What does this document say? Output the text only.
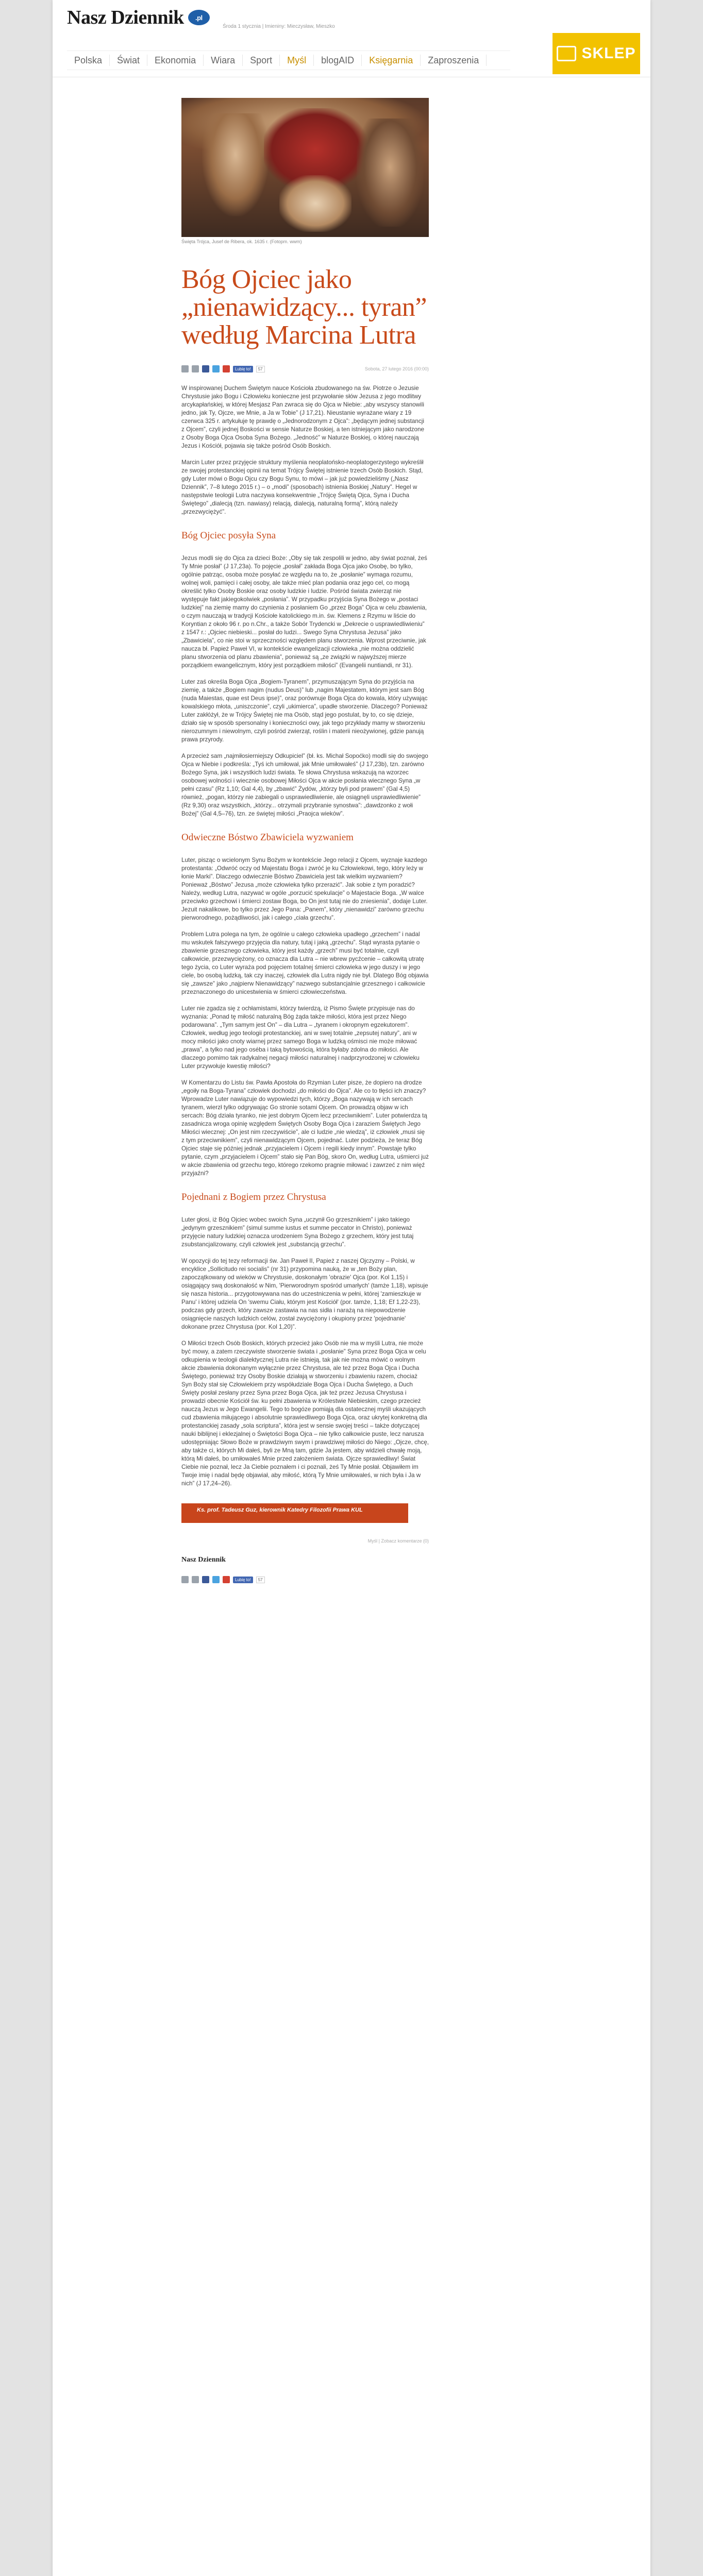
Nasz Dziennik	.pl
Środa 1 stycznia | Imieniny: Mieczysław, Mieszko
Polska	Świat	Ekonomia	Wiara	Sport	Myśl	blogAID	Księgarnia	Zaproszenia	SKLEP
Święta Trójca, Jusef de Ribera, ok. 1635 r. (Fotopm. wwm)
Bóg Ojciec jako „nienawidzący... tyran” według Marcina Lutra
Lubię to!	57	Sobota, 27 lutego 2016 (00:00)

W inspirowanej Duchem Świętym nauce Kościoła zbudowanego na św. Piotrze o Jezusie Chrystusie jako Bogu i Człowieku konieczne jest przywołanie słów Jezusa z jego modlitwy arcykapłańskiej, w której Mesjasz Pan zwraca się do Ojca w Niebie: „aby wszyscy stanowili jedno, jak Ty, Ojcze, we Mnie, a Ja w Tobie” (J 17,21). Nieustanie wyrażane wiary z 19 czerwca 325 r. artykułuje tę prawdę o „Jednorodzonym z Ojca”: „będącym jednej substancji z Ojcem”, czyli jednej Boskości w sensie Naturze Boskiej, a ten istniejącym jako narodzone z Osoby Boga Ojca Osoba Syna Bożego. „Jedność” w Naturze Boskiej, o której nauczają Jezus i Kościół, pojawia się także pośród Osób Boskich.

Marcin Luter przez przyjęcie struktury myślenia neoplatońsko-neoplatogerzystego wykreślił ze swojej protestanckiej opinii na temat Trójcy Świętej istnienie trzech Osób Boskich. Stąd, gdy Luter mówi o Bogu Ojcu czy Bogu Synu, to mówi – jak już powiedzieliśmy („Nasz Dziennik”, 7–8 lutego 2015 r.) – o „modi” (sposobach) istnienia Boskiej „Natury”. Hegel w następstwie teologii Lutra naczywa konsekwentnie „Trójcę Świętą Ojca, Syna i Ducha Świętego” „dialecją (tzn. nawiasy) relacją, dialecją, naturalną formą”, którą należy „przezwyciężyć”.

Bóg Ojciec posyła Syna

Jezus modli się do Ojca za dzieci Boże: „Oby się tak zespolili w jedno, aby świat poznał, żeś Ty Mnie posłał” (J 17,23a). To pojęcie „posłał” zakłada Boga Ojca jako Osobę, bo tylko, ogólnie patrząc, osoba może posyłać ze względu na to, że „posłanie” wymaga rozumu, wolnej woli, pamięci i całej osoby, ale także mieć plan podania oraz jego cel, co mogą określić tylko Osoby Boskie oraz osoby ludzkie i ludzie. Pośród świata zwierząt nie występuje fakt jakiegokolwiek „posłania”. W przypadku przyjścia Syna Bożego w „postaci ludzkiej” na ziemię mamy do czynienia z posłaniem Go „przez Boga” Ojca w celu zbawienia, o czym nauczają w tradycji Kościołe katolickiego m.in. św. Klemens z Rzymu w liście do Koryntian z około 96 r. po n.Chr., a także Sobór Trydencki w „Dekrecie o usprawiedliwieniu” z 1547 r.: „Ojciec niebieski... posłał do ludzi... Swego Syna Chrystusa Jezusa” jako „Zbawiciela”, co nie stoi w sprzeczności względem planu stworzenia. Wprost przeciwnie, jak naucza bł. Papież Paweł VI, w kontekście ewangelizacji człowieka „nie można oddzielić planu stworzenia od planu zbawienia”, ponieważ są „ze związki w najwyższej mierze porządkiem ewangelicznym, który jest porządkiem miłości” (Evangelii nuntiandi, nr 31).

Luter zaś określa Boga Ojca „Bogiem-Tyranem”, przymuszającym Syna do przyjścia na ziemię, a także „Bogiem nagim (nudus Deus)” lub „nagim Majestatem, którym jest sam Bóg (nuda Maiestas, quae est Deus ipse)”, oraz porównuje Boga Ojca do kowala, który używając kowalskiego młota, „uniszczonie”, czyli „ukimierca”, upadłe stworzenie. Dlaczego? Ponieważ Luter zakłóżył, że w Trójcy Świętej nie ma Osób, stąd jego postulat, by to, co się dzieje, działo się w sposób spersonalny i konieczności owy, jak tego przykłady mamy w stworzeniu nierozumnym i niewolnym, czyli pośród zwierząt, roślin i materii nieożywionej, gdzie panują prawa przyrody.

A przecież sam „najmiłosierniejszy Odkupiciel” (bł. ks. Michał Sopoćko) modli się do swojego Ojca w Niebie i podkreśla: „Tyś ich umiłował, jak Mnie umiłowałeś” (J 17,23b), tzn. zarówno Bożego Syna, jak i wszystkich ludzi świata. Te słowa Chrystusa wskazują na wzorzec osobowej wolności i wiecznie osobowej Miłości Ojca w akcie posłania wiecznego Syna „w pełni czasu” (Rz 1,10; Gal 4,4), by „zbawić” Żydów, „którzy byli pod prawem” (Gal 4,5) również, „pogan, którzy nie zabiegali o usprawiedliwienie, ale osiągnęli usprawiedliwienie” (Rz 9,30) oraz wszystkich, „którzy... otrzymali przybranie synostwa”: „dawdzonko z wołi Bożej” (Gal 4,5–76), tzn. ze świętej miłości „Praojca wieków”.

Odwieczne Bóstwo Zbawiciela wyzwaniem

Luter, pisząc o wcielonym Synu Bożym w kontekście Jego relacji z Ojcem, wyznaje kazdego protestanta: „Odwróć oczy od Majestatu Boga i zwróć je ku Człowiekowi, tego, który leży w łonie Marki”. Dlaczego odwiecznie Bóstwo Zbawiciela jest tak wielkim wyzwaniem? Ponieważ „Bóstwo” Jezusa „może człowieka tylko przerazić”. Jak sobie z tym poradzić? Należy, według Lutra, nazywać w ogóle „porzucić spekulacje” o Majestacie Boga. „W walce przeciwko grzechowi i śmierci zostaw Boga, bo On jest tutaj nie do zniesienia”, dodaje Luter. Jezuit nakalikowe, bo tylko przez Jego Pana: „Panem”, który „nienawidzi” zarówno grzechu pierworodnego, pożądliwości, jak i całego „ciała grzechu”.

Problem Lutra polega na tym, że ogólnie u całego człowieka upadłego „grzechem” i nadal mu wskutek fałszywego przyjęcia dla natury, tutaj i jaką „grzechu”. Stąd wyrasta pytanie o zbawienie grzesznego człowieka, który jest każdy „grzech” musi być totalnie, czyli całkowicie, przezwyciężony, co oznacza dla Lutra – nie wbrew pycźcenie – całkowitą utratę tego życia, co Luter wyraża pod pojęciem totalnej śmierci człowieka w jego duszy i w jego ciele, bo osobą ludzką, tak czy inaczej, człowiek dla Lutra nigdy nie był. Dlatego Bóg objawia się „zawsze” jako „najpierw Nienawidzący” nazwego substancjalnie grzesznego i całkowicie przeznaczonego do unicestwienia w śmierci człowieczeństwa.

Luter nie zgadza się z ochłamistami, którzy twierdzą, iż Pismo Święte przypisuje nas do wyznania: „Ponad tę miłość naturalną Bóg żąda także miłości, która jest przez Niego podarowana”. „Tym samym jest On” – dla Lutra – „tyranem i okropnym egzekutorem”. Człowiek, według jego teologii protestanckiej, ani w swej totalnie „zepsutej natury”, ani w mocy miłości jako cnoty wiarnej przez samego Boga w ludzką ośmisci nie może miłować „prawa”, a tylko nad jego oséba i taką bytowością, która byłaby zdolna do miłości. Ale dlaczego pomimo tak radykalnej negacji miłości naturalnej i nadprzyrodzonej w człowieku Luter przywołuje kwestię miłości?

W Komentarzu do Listu św. Pawła Apostoła do Rzymian Luter pisze, że dopiero na drodze „egoiły na Boga-Tyrana” człowiek dochodzi „do miłości do Ojca”. Ale co to tłęści ich znaczy? Wprowadze Luter nawiązuje do wypowiedzi tych, którzy „Boga nazywają w ich sercach tyranem, wierzł tylko odgrywając Go stronie sotami Ojcem. On prowadzą objaw w ich sercach: Bóg działa tyranko, nie jest dobrym Ojcem lecz przeciwnikiem”. Luter potwierdza tą zasadnicza wroga opinię względem Świętych Osoby Boga Ojca i zaraziem Świętych Jego Miłości wiecznej: „On jest nim rzeczywiście”, ale ci ludzie „nie wiedzą”, iż człowiek „musi się z tym przeciwnikiem”, czyli nienawidzącym Ojcem, pojednać. Luter podzieża, że teraz Bóg Ojciec staje się później jednak „przyjacielem i Ojcem i regili kiedy innym”. Powstaje tylko pytanie, czym „przyjacielem i Ojcem” stało się Pan Bóg, skoro On, według Lutra, uśmierci już w akcie zbawienia od grzechu tego, którego rzekomo pragnie miłować i zawrzeć z nim więź przyjaźni?

Pojednani z Bogiem przez Chrystusa

Luter głosi, iż Bóg Ojciec wobec swoich Syna „uczynił Go grzesznikiem” i jako takiego „jedynym grzesznikiem” (simul summe iustus et summe peccator in Christo), ponieważ przyjęcie natury ludzkiej oznacza urodzeniem Syna Bożego z grzechem, który jest tutaj zsubstancjalizowany, czyli człowiek jest „substancją grzechu”.

W opozycji do tej tezy reformacji św. Jan Paweł II, Papież z naszej Ojczyzny – Polski, w encyklice „Sollicitudo rei socialis” (nr 31) przypomina nauką, że w „ten Boży plan, zapoczątkowany od wieków w Chrystusie, doskonałym 'obrazie' Ojca (por. Kol 1,15) i osiągający swą doskonałość w Nim, 'Pierworodnym spośród umarłych' (tamże 1,18), wpisuje się nasza historia... przygotowywana nas do uczestniczenia w pełni, której 'zamieszkuje w Panu' i której udziela On 'swemu Ciału, którym jest Kościół' (por. tamże, 1,18; Ef 1,22-23), podczas gdy grzech, który zawsze zastawia na nas sidła i narażą na niepowodzenie osiągnięcie naszych ludzkich celów, został zwyciężony i okupiony przez 'pojednanie' dokonane przez Chrystusa (por. Kol 1,20)”.

O Miłości trzech Osób Boskich, których przecież jako Osób nie ma w myśli Lutra, nie może być mowy, a zatem rzeczywiste stworzenie świata i „posłanie” Syna przez Boga Ojca w celu odkupienia w teologii dialektycznej Lutra nie istnieją, tak jak nie można mówić o wolnym akcie zbawienia dokonanym wyłącznie przez Chrystusa, ale też przez Boga Ojca i Ducha Świętego, ponieważ trzy Osoby Boskie działają w stworzeniu i zbawieniu razem, chociaż Syn Boży stał się Człowiekiem przy współudziale Boga Ojca i Ducha Świętego, a Duch Święty posłał zesłany przez Syna przez Boga Ojca, jak też przez Jezusa Chrystusa i prowadzi obecnie Kościół św. ku pełni zbawienia w Królestwie Niebieskim, czego przecież nauczą Jezus w Jego Ewangelii. Tego to bogóze pomiąją dla ostatecznej myśli ukazujących cud zbawienia miłującego i absolutnie sprawiedliwego Boga Ojca, oraz ukrytej konkretną dla protestanckiej zasady „sola scriptura”, która jest w sensie swojej treści – także dotyczącej nauki biblijnej i eklezjalnej o Świętości Boga Ojca – nie tylko całkowicie puste, lecz narusza udostępniając Słowo Boże w prawdziwym swym i prawdziwej miłości do Niego: „Ojcze, chcę, aby także ci, których Mi dałeś, byli ze Mną tam, gdzie Ja jestem, aby widzieli chwałę moją, którą Mi dałeś, bo umiłowałeś Mnie przed założeniem świata. Ojcze sprawiedliwy! Świat Ciebie nie poznał, lecz Ja Ciebie poznałem i ci poznali, żeś Ty Mnie posłał. Objawiłem im Twoje imię i nadal będę objawiał, aby miłość, którą Ty Mnie umiłowałeś, w nich była i Ja w nich” (J 17,24–26).

Ks. prof. Tadeusz Guz, kierownik Katedry Filozofii Prawa KUL
Myśl | Zobacz komentarze (0)
Nasz Dziennik
Lubię to!	57
